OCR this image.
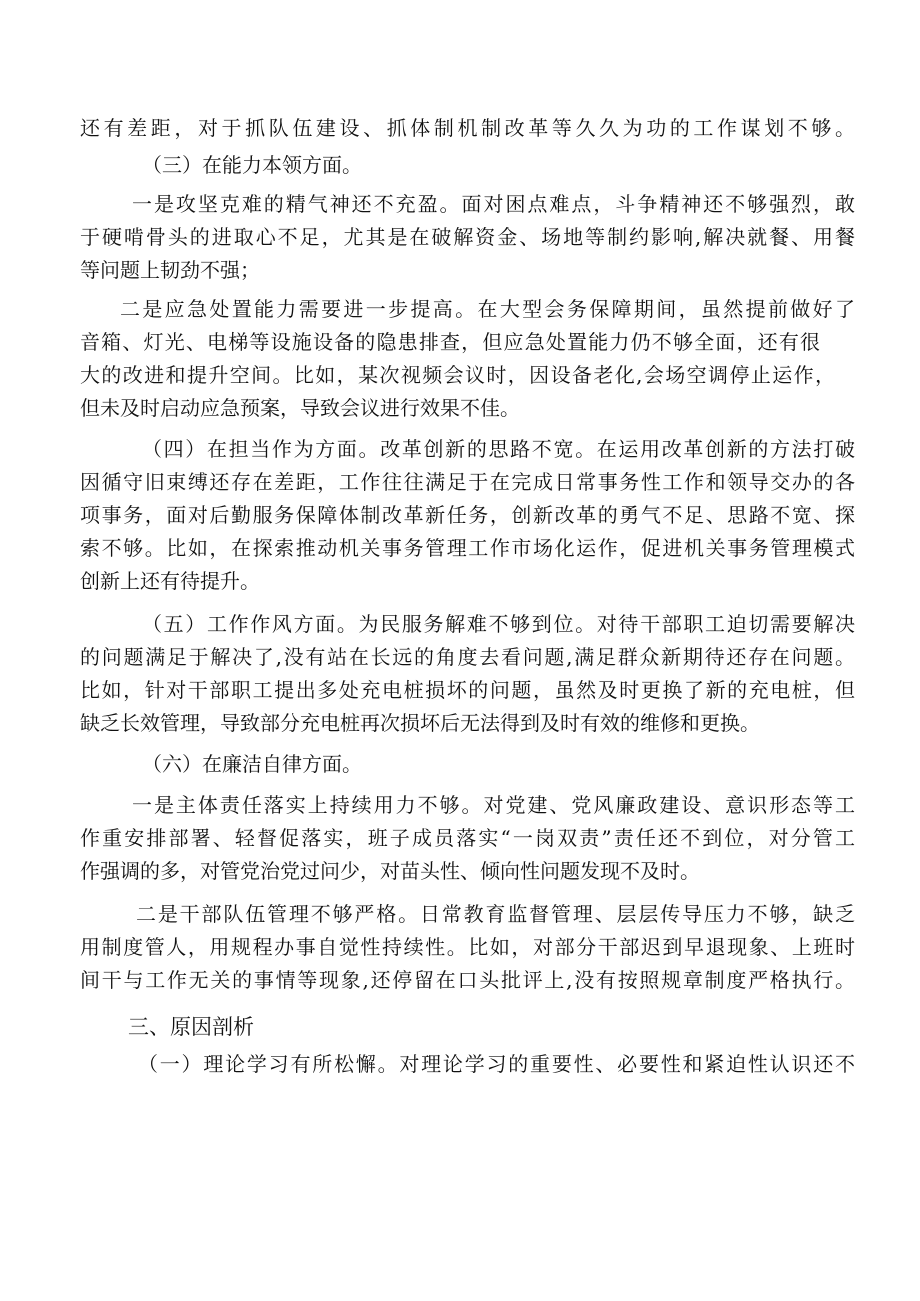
还有差距，对于抓队伍建设、抓体制机制改革等久久为功的工作谋划不够。
（三）在能力本领方面。
一是攻坚克难的精气神还不充盈。面对困点难点，斗争精神还不够强烈，敢
于硬啃骨头的进取心不足，尤其是在破解资金、场地等制约影响,解决就餐、用餐
等问题上韧劲不强；
二是应急处置能力需要进一步提高。在大型会务保障期间，虽然提前做好了
音箱、灯光、电梯等设施设备的隐患排查，但应急处置能力仍不够全面，还有很
大的改进和提升空间。比如，某次视频会议时，因设备老化,会场空调停止运作，
但未及时启动应急预案，导致会议进行效果不佳。
（四）在担当作为方面。改革创新的思路不宽。在运用改革创新的方法打破
因循守旧束缚还存在差距，工作往往满足于在完成日常事务性工作和领导交办的各
项事务，面对后勤服务保障体制改革新任务，创新改革的勇气不足、思路不宽、探
索不够。比如，在探索推动机关事务管理工作市场化运作，促进机关事务管理模式
创新上还有待提升。
（五）工作作风方面。为民服务解难不够到位。对待干部职工迫切需要解决
的问题满足于解决了,没有站在长远的角度去看问题,满足群众新期待还存在问题。
比如，针对干部职工提出多处充电桩损坏的问题，虽然及时更换了新的充电桩，但
缺乏长效管理，导致部分充电桩再次损坏后无法得到及时有效的维修和更换。
（六）在廉洁自律方面。
一是主体责任落实上持续用力不够。对党建、党风廉政建设、意识形态等工
作重安排部署、轻督促落实，班子成员落实“一岗双责”责任还不到位，对分管工
作强调的多，对管党治党过问少，对苗头性、倾向性问题发现不及时。
二是干部队伍管理不够严格。日常教育监督管理、层层传导压力不够，缺乏
用制度管人，用规程办事自觉性持续性。比如，对部分干部迟到早退现象、上班时
间干与工作无关的事情等现象,还停留在口头批评上,没有按照规章制度严格执行。
三、原因剖析
（一）理论学习有所松懈。对理论学习的重要性、必要性和紧迫性认识还不
